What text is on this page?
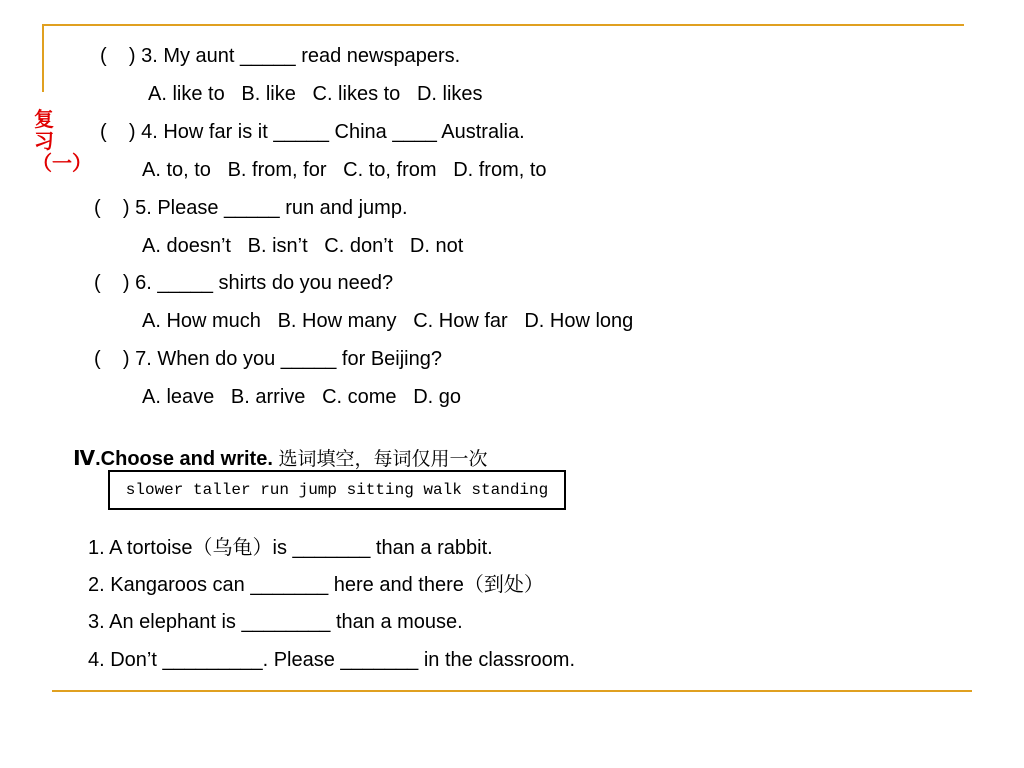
复习（一）
(    ) 3. My aunt _____ read newspapers.
A. like to   B. like   C. likes to   D. likes
(    ) 4. How far is it _____ China ____ Australia.
A. to, to   B. from, for   C. to, from   D. from, to
(    ) 5. Please _____ run and jump.
A. doesn’t   B. isn’t   C. don’t   D. not
(    ) 6. _____ shirts do you need?
A. How much   B. How many   C. How far   D. How long
(    ) 7. When do you _____ for Beijing?
A. leave   B. arrive   C. come   D. go

Ⅳ.Choose and write. 选词填空，每词仅用一次

slower taller run jump sitting walk standing
1. A tortoise（乌龟）is _______ than a rabbit.
2. Kangaroos can _______ here and there（到处）
3. An elephant is ________ than a mouse.
4. Don’t _________. Please _______ in the classroom.
